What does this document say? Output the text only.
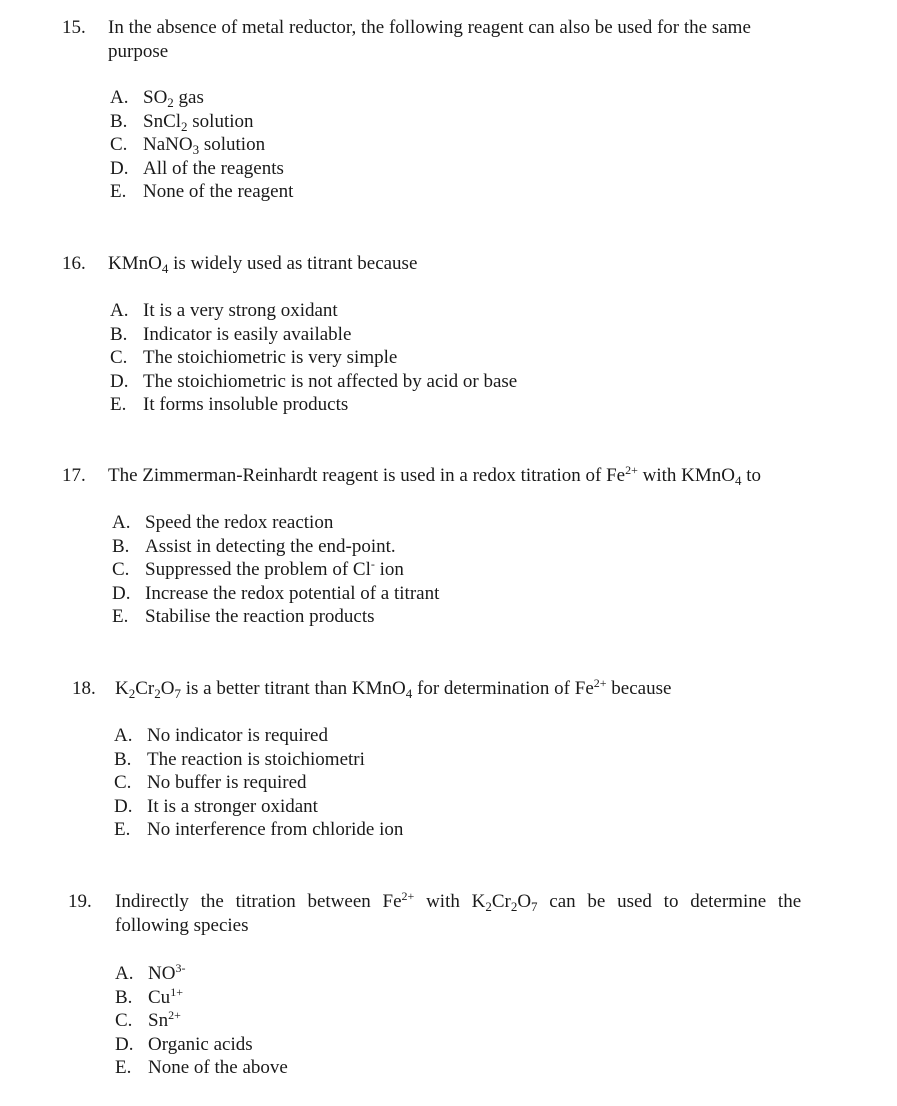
15. In the absence of metal reductor, the following reagent can also be used for the same
purpose
A. $SO_2$ gas
B. SnCl$_2$ solution
C. NaNO$_3$ solution
D. All of the reagents
E. None of the reagent
16. KMnO$_4$ is widely used as titrant because
A. It is a very strong oxidant
B. Indicator is easily available
C. The stoichiometric is very simple
D. The stoichiometric is not affected by acid or base
E. It forms insoluble products
17. The Zimmerman-Reinhardt reagent is used in a redox titration of $Fe^{2+}$ with KMnO$_4$ to
A. Speed the redox reaction
B. Assist in detecting the end-point.
C. Suppressed the problem of Cl- ion
D. Increase the redox potential of a titrant
E. Stabilise the reaction products
18. $K_2Cr_2O_7$ is a better titrant than KMnO$_4$ for determination of $Fe^{2+}$ because
A. No indicator is required
B. The reaction is stoichiometri
C. No buffer is required
D. It is a stronger oxidant
E. No interference from chloride ion
19. Indirectly the titration between $Fe^{2+}$ with $K_2Cr_2O_7$ can be used to determine the
following species
A. $NO^{3-}$
B. $Cu^{1+}$
C. $Sn^{2+}$
D. Organic acids
E. None of the above
